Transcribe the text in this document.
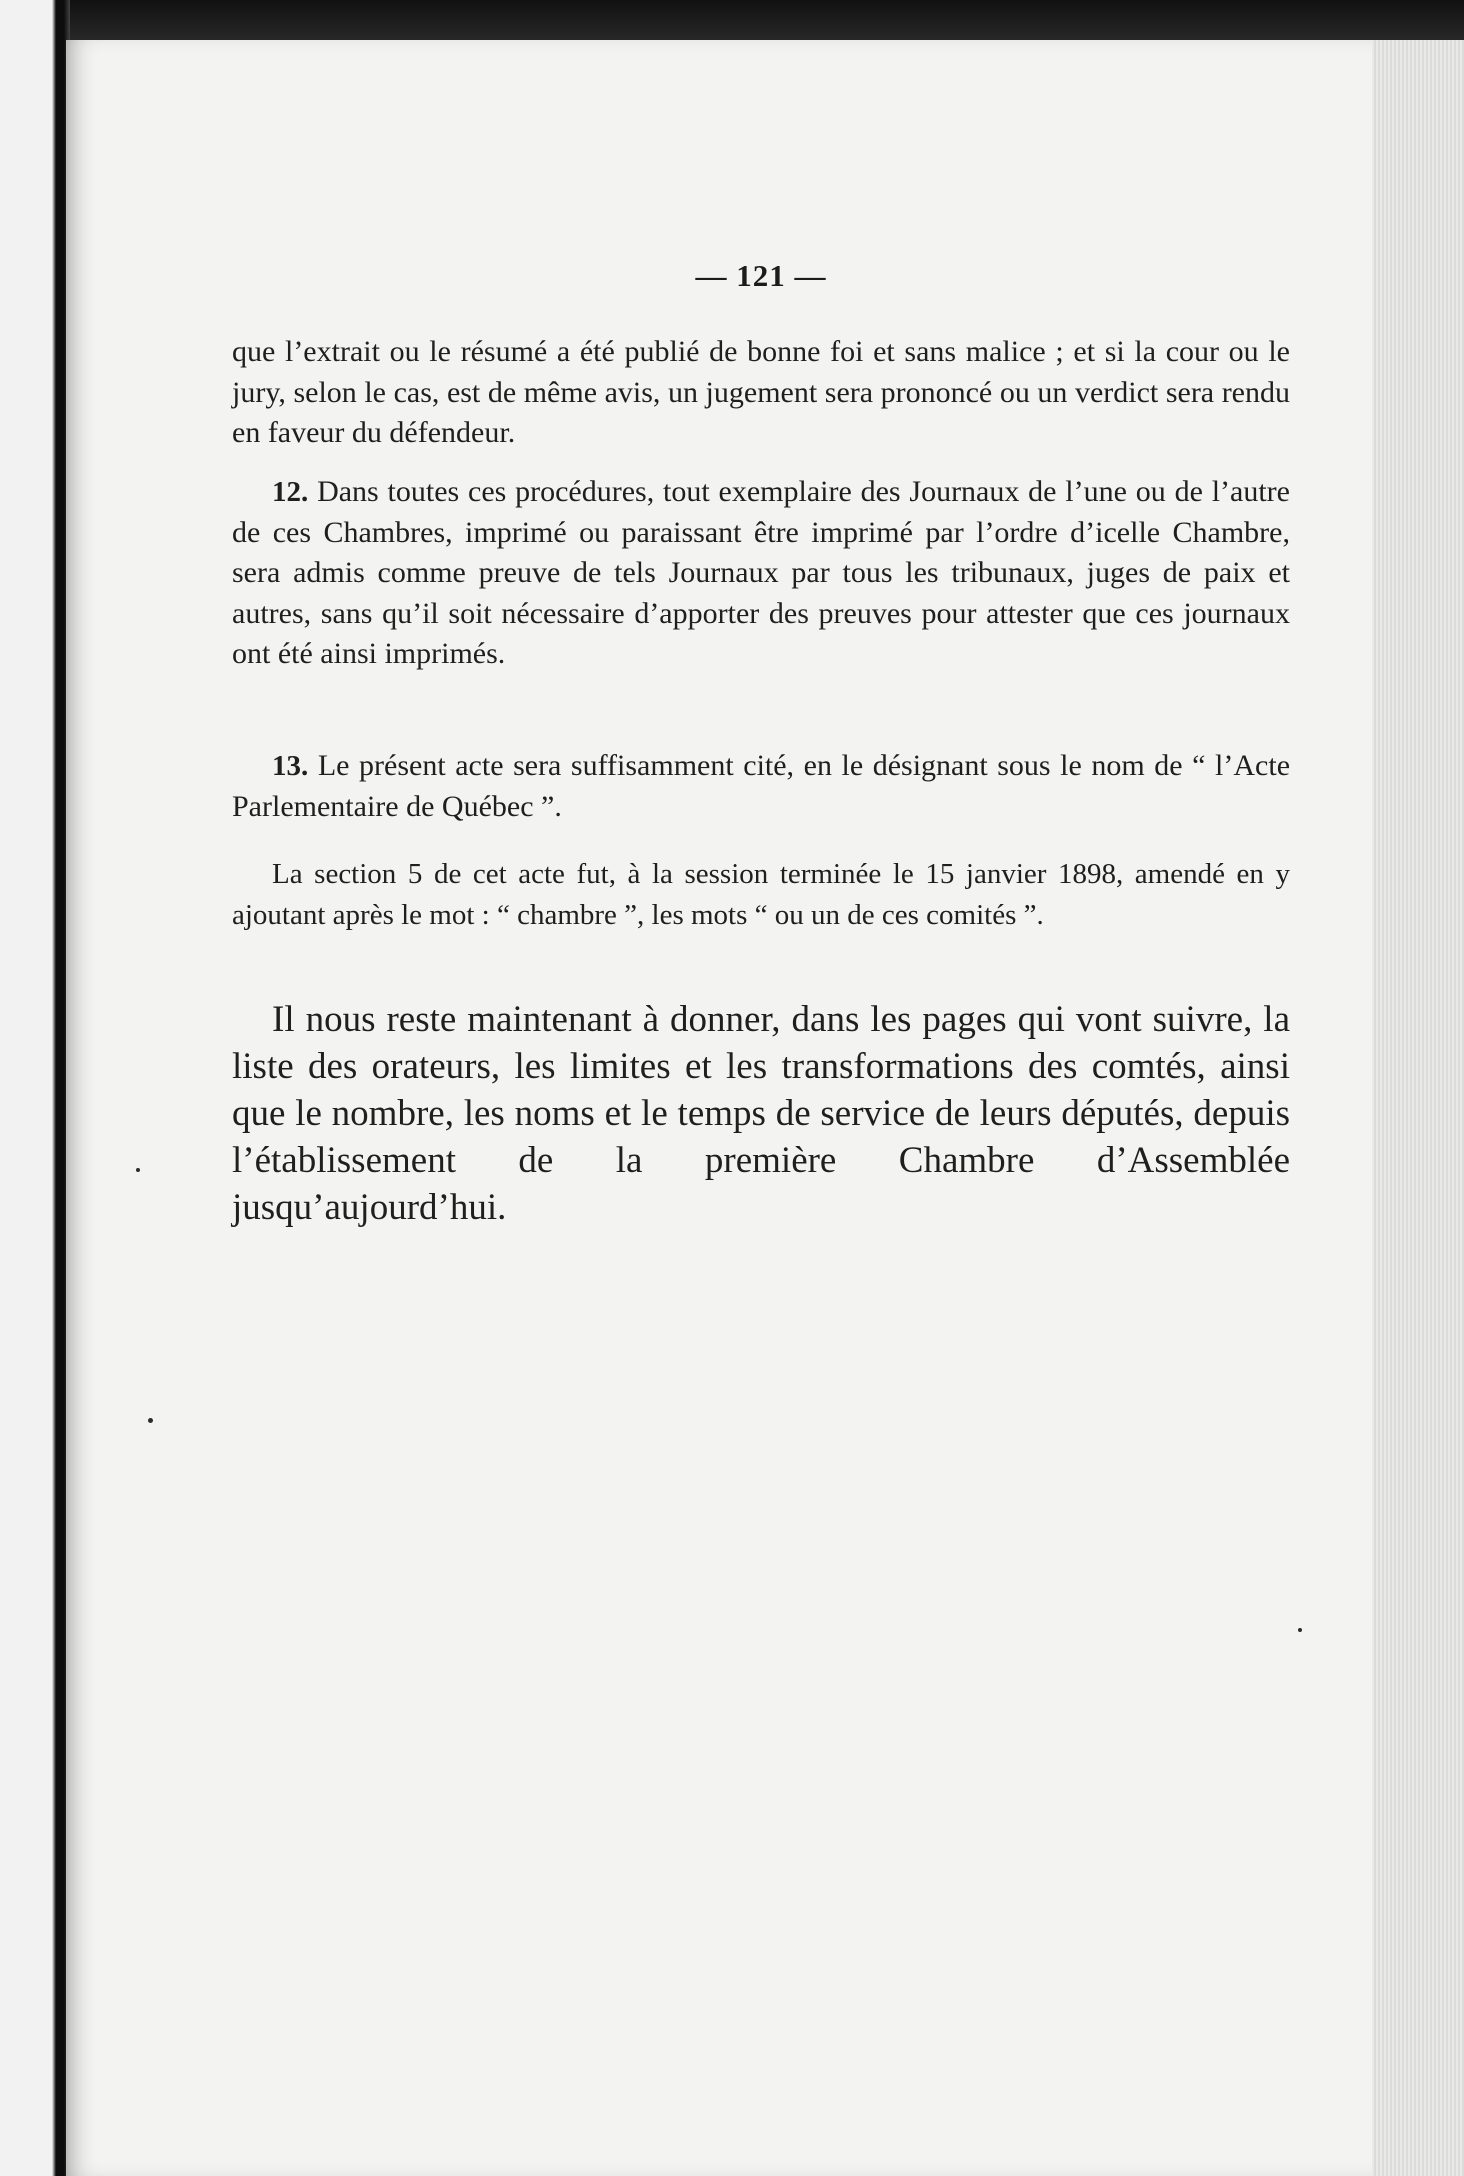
— 121 —
que l’extrait ou le résumé a été publié de bonne foi et sans malice ; et si la cour ou le jury, selon le cas, est de même avis, un jugement sera prononcé ou un verdict sera rendu en faveur du défendeur.
12. Dans toutes ces procédures, tout exemplaire des Journaux de l’une ou de l’autre de ces Chambres, imprimé ou paraissant être imprimé par l’ordre d’icelle Chambre, sera admis comme preuve de tels Journaux par tous les tribunaux, juges de paix et autres, sans qu’il soit nécessaire d’apporter des preuves pour attester que ces journaux ont été ainsi imprimés.
13. Le présent acte sera suffisamment cité, en le désignant sous le nom de “ l’Acte Parlementaire de Québec ”.
La section 5 de cet acte fut, à la session terminée le 15 janvier 1898, amendé en y ajoutant après le mot : “ chambre ”, les mots “ ou un de ces comités ”.
Il nous reste maintenant à donner, dans les pages qui vont suivre, la liste des orateurs, les limites et les transformations des comtés, ainsi que le nombre, les noms et le temps de service de leurs députés, depuis l’établissement de la première Chambre d’Assemblée jusqu’aujourd’hui.
